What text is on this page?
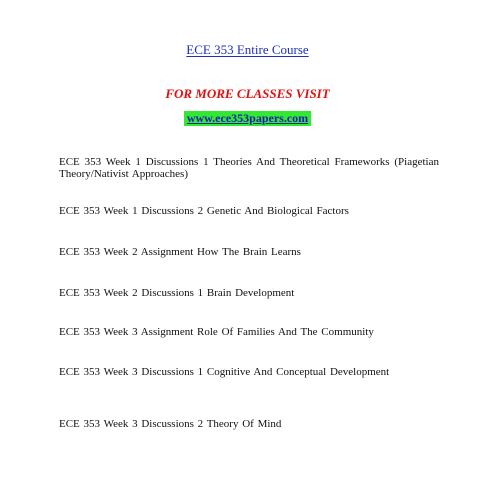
ECE 353 Entire Course
FOR MORE CLASSES VISIT
www.ece353papers.com
ECE 353 Week 1 Discussions 1 Theories And Theoretical Frameworks (Piagetian Theory/Nativist Approaches)
ECE 353 Week 1 Discussions 2 Genetic And Biological Factors
ECE 353 Week 2 Assignment How The Brain Learns
ECE 353 Week 2 Discussions 1 Brain Development
ECE 353 Week 3 Assignment Role Of Families And The Community
ECE 353 Week 3 Discussions 1 Cognitive And Conceptual Development
ECE 353 Week 3 Discussions 2 Theory Of Mind
